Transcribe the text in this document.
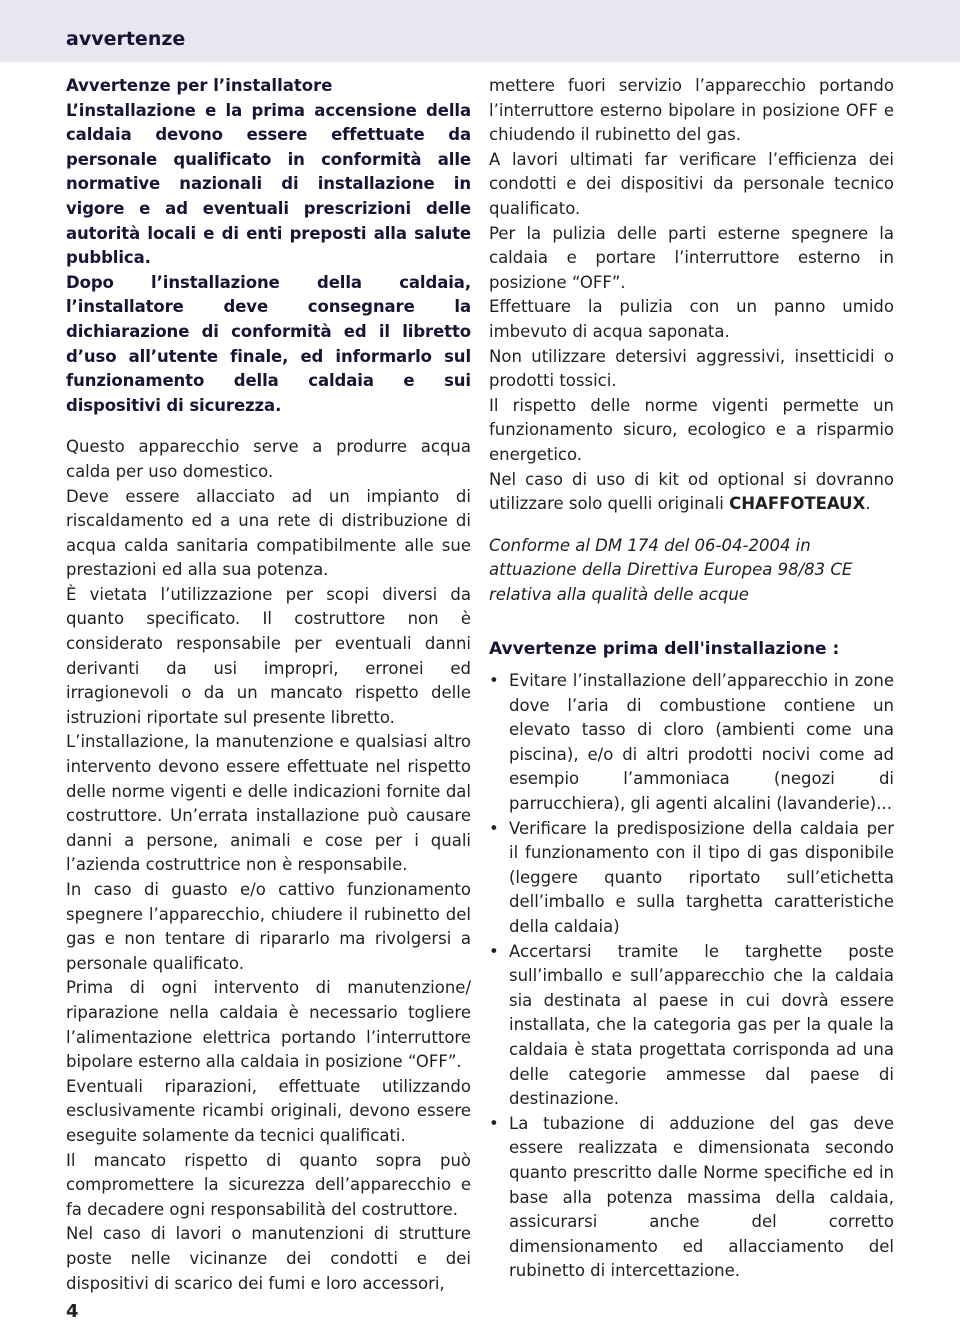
avvertenze
Avvertenze per l’installatore

L’installazione e la prima accensione della caldaia devono essere effettuate da personale qualificato in conformità alle normative nazionali di installazione in vigore e ad eventuali prescrizioni delle autorità locali e di enti preposti alla salute pubblica.

Dopo l’installazione della caldaia, l’installatore deve consegnare la dichiarazione di conformità ed il libretto d’uso all’utente finale, ed informarlo sul funzionamento della caldaia e sui dispositivi di sicurezza.

Questo apparecchio serve a produrre acqua calda per uso domestico.

Deve essere allacciato ad un impianto di riscaldamento ed a una rete di distribuzione di acqua calda sanitaria compatibilmente alle sue prestazioni ed alla sua potenza.

È vietata l’utilizzazione per scopi diversi da quanto specificato. Il costruttore non è considerato responsabile per eventuali danni derivanti da usi impropri, erronei ed irragionevoli o da un mancato rispetto delle istruzioni riportate sul presente libretto.

L’installazione, la manutenzione e qualsiasi altro intervento devono essere effettuate nel rispetto delle norme vigenti e delle indicazioni fornite dal costruttore. Un’errata installazione può causare danni a persone, animali e cose per i quali l’azienda costruttrice non è responsabile.

In caso di guasto e/o cattivo funzionamento spegnere l’apparecchio, chiudere il rubinetto del gas e non tentare di ripararlo ma rivolgersi a personale qualificato.

Prima di ogni intervento di manutenzione/ riparazione nella caldaia è necessario togliere l’alimentazione elettrica portando l’interruttore bipolare esterno alla caldaia in posizione “OFF”.

Eventuali riparazioni, effettuate utilizzando esclusivamente ricambi originali, devono essere eseguite solamente da tecnici qualificati.

Il mancato rispetto di quanto sopra può compromettere la sicurezza dell’apparecchio e fa decadere ogni responsabilità del costruttore.

Nel caso di lavori o manutenzioni di strutture poste nelle vicinanze dei condotti e dei dispositivi di scarico dei fumi e loro accessori,

mettere fuori servizio l’apparecchio portando l’interruttore esterno bipolare in posizione OFF e chiudendo il rubinetto del gas.

A lavori ultimati far verificare l’efficienza dei condotti e dei dispositivi da personale tecnico qualificato.

Per la pulizia delle parti esterne spegnere la caldaia e portare l’interruttore esterno in posizione “OFF”.

Effettuare la pulizia con un panno umido imbevuto di acqua saponata.

Non utilizzare detersivi aggressivi, insetticidi o prodotti tossici.

Il rispetto delle norme vigenti permette un funzionamento sicuro, ecologico e a risparmio energetico.

Nel caso di uso di kit od optional si dovranno utilizzare solo quelli originali CHAFFOTEAUX.

Conforme al DM 174 del 06-04-2004 in attuazione della Direttiva Europea 98/83 CE relativa alla qualità delle acque

Avvertenze prima dell'installazione :
• Evitare l’installazione dell’apparecchio in zone dove l’aria di combustione contiene un elevato tasso di cloro (ambienti come una piscina), e/o di altri prodotti nocivi come ad esempio l’ammoniaca (negozi di parrucchiera), gli agenti alcalini (lavanderie)...
• Verificare la predisposizione della caldaia per il funzionamento con il tipo di gas disponibile (leggere quanto riportato sull’etichetta dell’imballo e sulla targhetta caratteristiche della caldaia)
• Accertarsi tramite le targhette poste sull’imballo e sull’apparecchio che la caldaia sia destinata al paese in cui dovrà essere installata, che la categoria gas per la quale la caldaia è stata progettata corrisponda ad una delle categorie ammesse dal paese di destinazione.
• La tubazione di adduzione del gas deve essere realizzata e dimensionata secondo quanto prescritto dalle Norme specifiche ed in base alla potenza massima della caldaia, assicurarsi anche del corretto dimensionamento ed allacciamento del rubinetto di intercettazione.
4
